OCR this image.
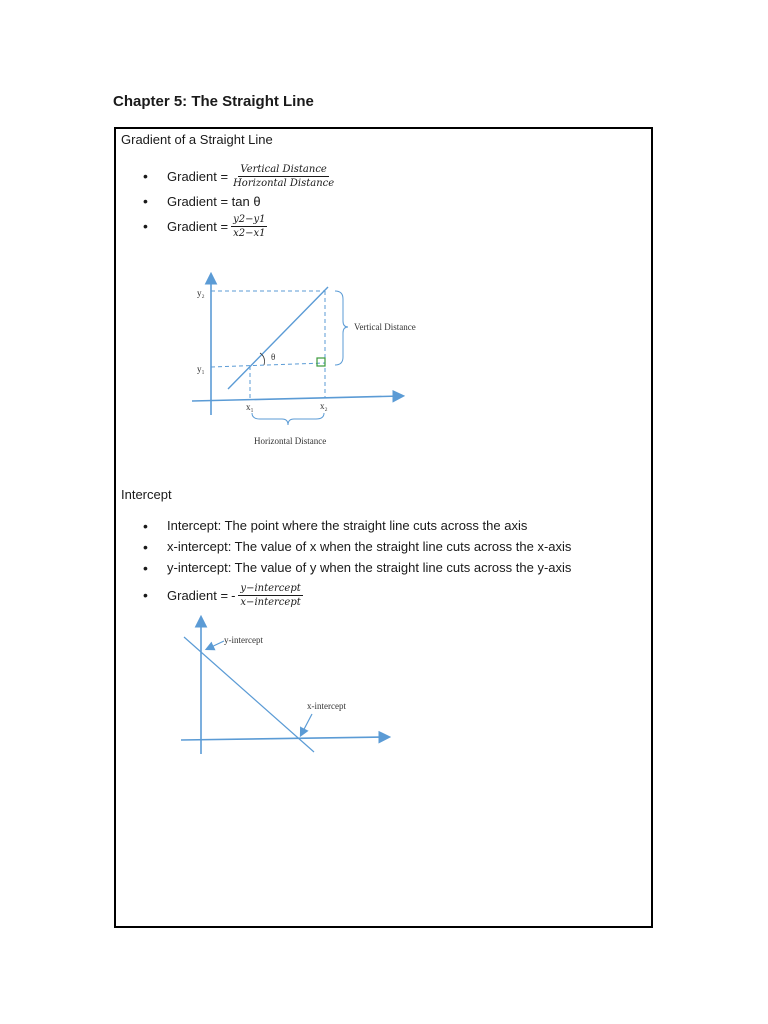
Chapter 5: The Straight Line
Gradient of a Straight Line
• Gradient = $\frac{\text{Vertical Distance}}{\text{Horizontal Distance}}$
• Gradient = tan θ
• Gradient = $\frac{y2-y1}{x2-x1}$
θ
y₂
y₁
x₁	x₂
Vertical Distance
Horizontal Distance
Intercept
• Intercept: The point where the straight line cuts across the axis
• x-intercept: The value of x when the straight line cuts across the x-axis
• y-intercept: The value of y when the straight line cuts across the y-axis
• Gradient = - $\frac{\text{y−intercept}}{\text{x−intercept}}$
y-intercept
x-intercept
